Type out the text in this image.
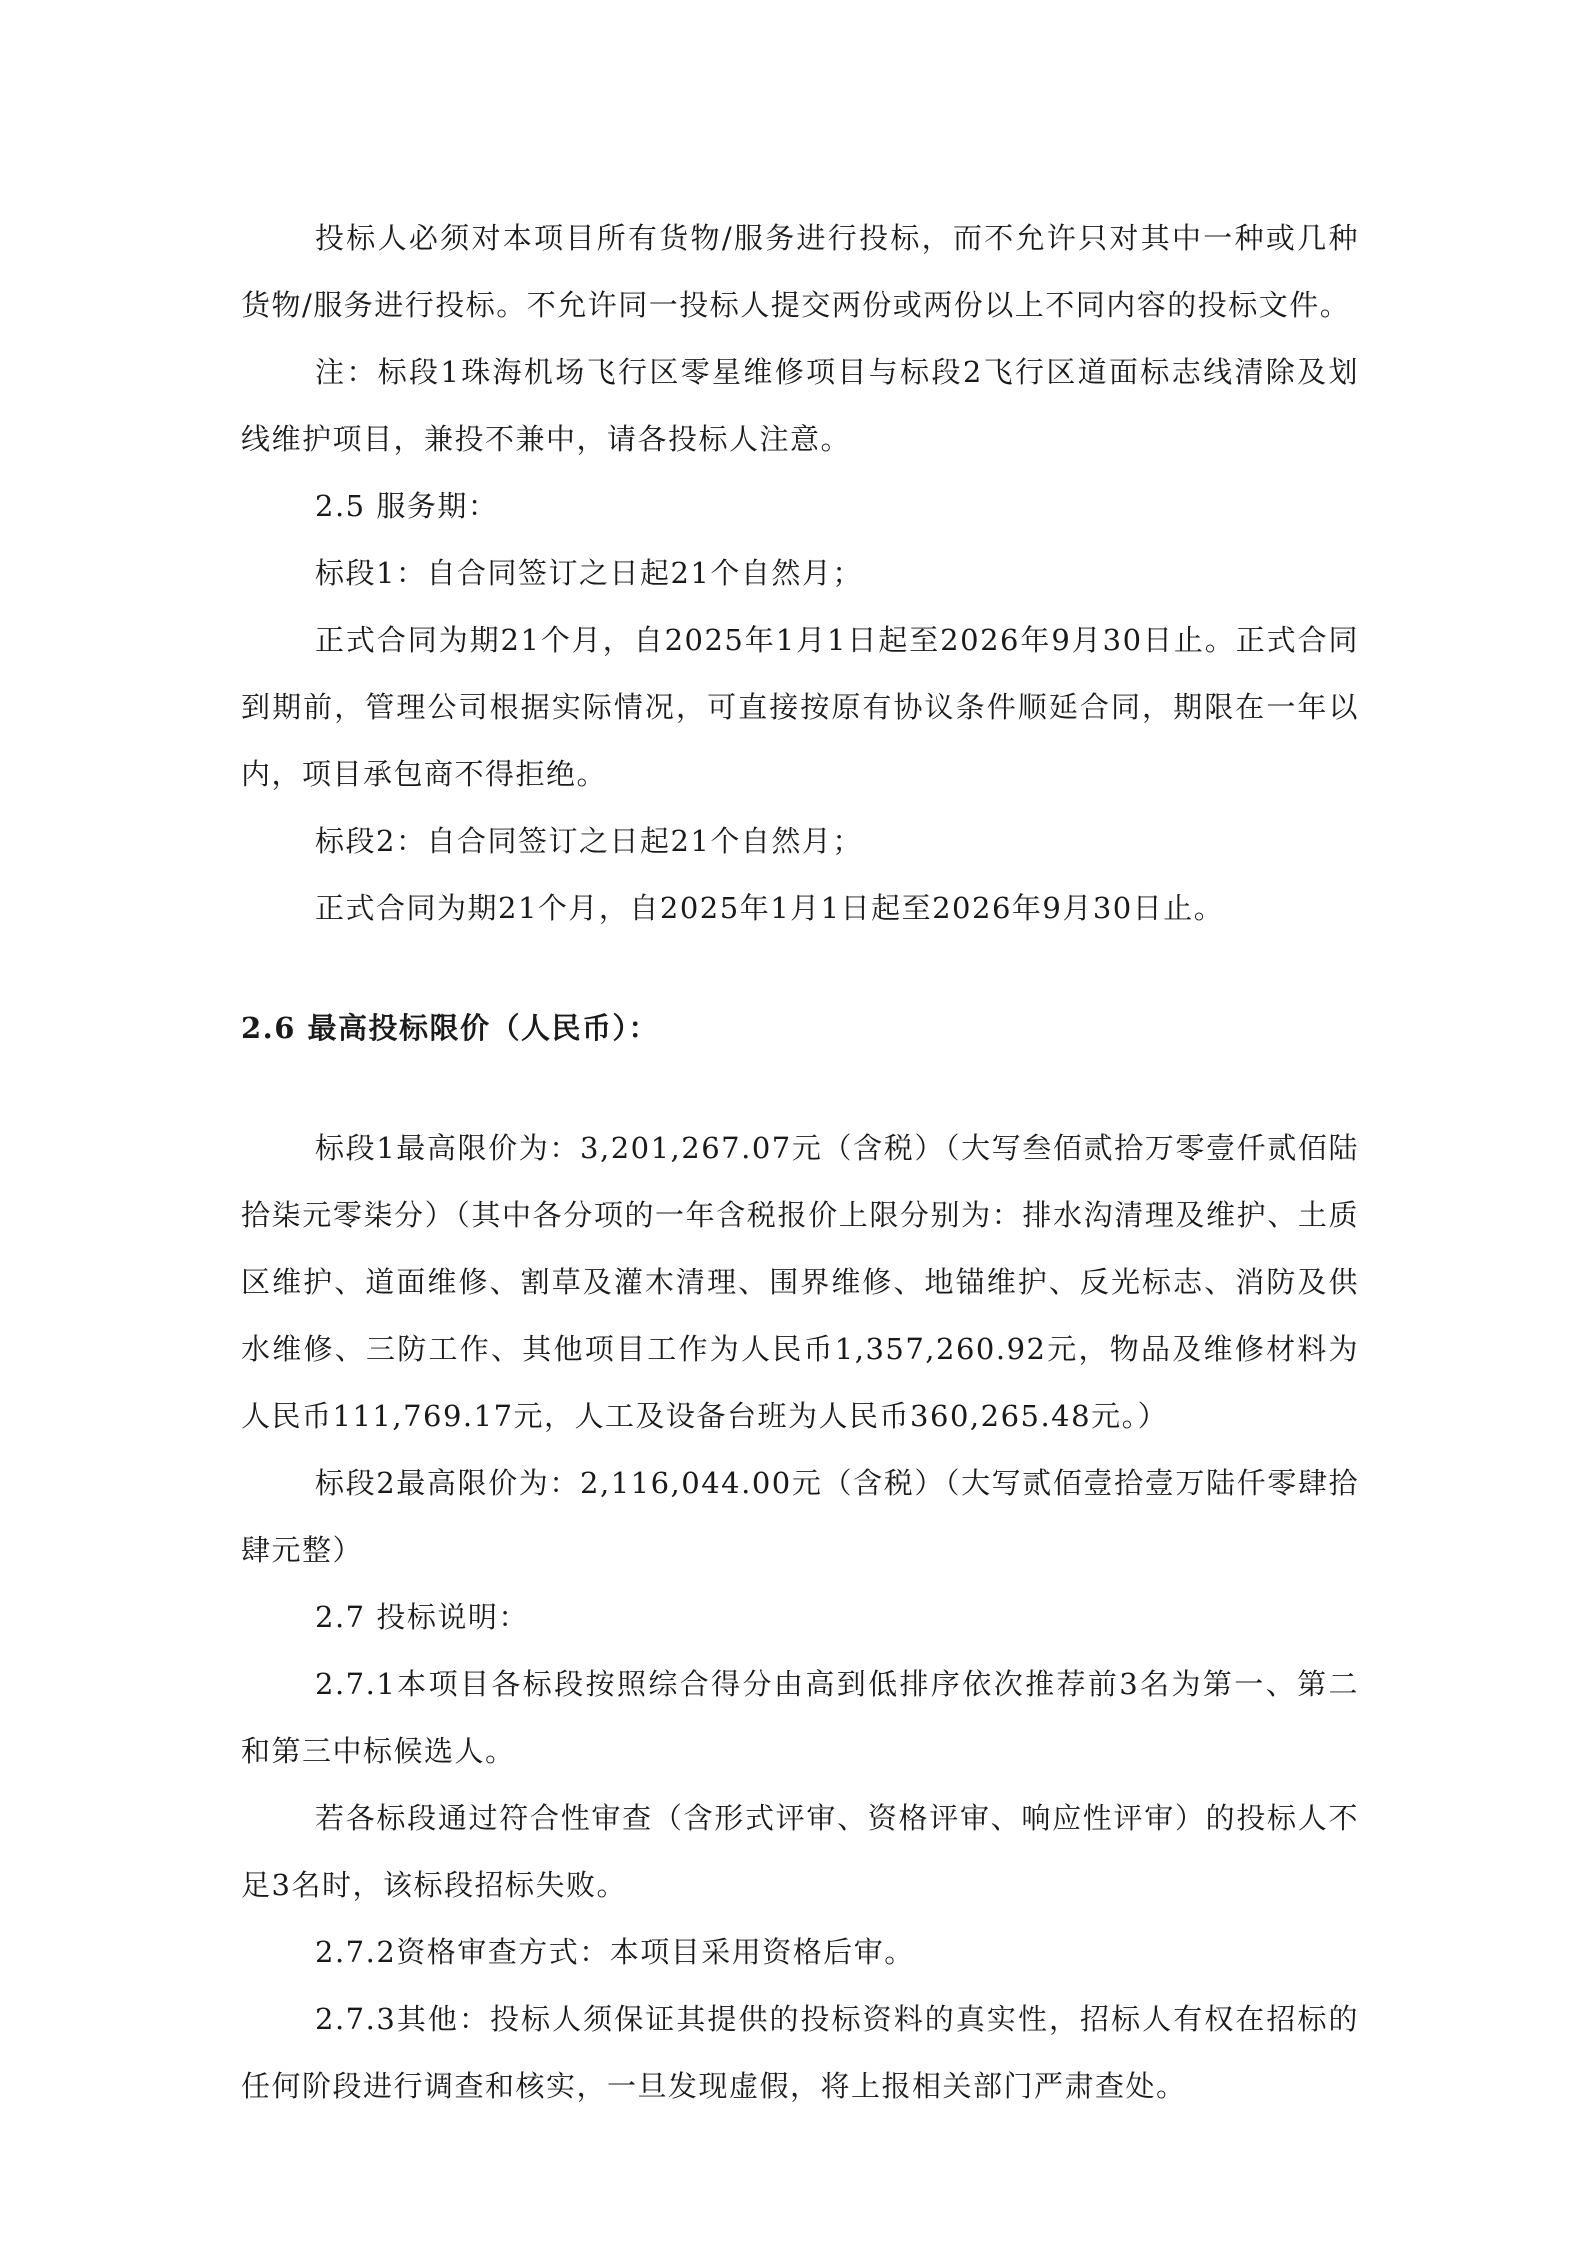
投标人必须对本项目所有货物/服务进行投标，而不允许只对其中一种或几种货物/服务进行投标。不允许同一投标人提交两份或两份以上不同内容的投标文件。

注：标段1珠海机场飞行区零星维修项目与标段2飞行区道面标志线清除及划线维护项目，兼投不兼中，请各投标人注意。

2.5 服务期：

标段1：自合同签订之日起21个自然月；

正式合同为期21个月，自2025年1月1日起至2026年9月30日止。正式合同到期前，管理公司根据实际情况，可直接按原有协议条件顺延合同，期限在一年以内，项目承包商不得拒绝。

标段2：自合同签订之日起21个自然月；

正式合同为期21个月，自2025年1月1日起至2026年9月30日止。

2.6 最高投标限价（人民币）：

标段1最高限价为：3,201,267.07元（含税）（大写叁佰贰拾万零壹仟贰佰陆拾柒元零柒分）（其中各分项的一年含税报价上限分别为：排水沟清理及维护、土质区维护、道面维修、割草及灌木清理、围界维修、地锚维护、反光标志、消防及供水维修、三防工作、其他项目工作为人民币1,357,260.92元，物品及维修材料为人民币111,769.17元，人工及设备台班为人民币360,265.48元。）

标段2最高限价为：2,116,044.00元（含税）（大写贰佰壹拾壹万陆仟零肆拾肆元整）

2.7 投标说明：

2.7.1本项目各标段按照综合得分由高到低排序依次推荐前3名为第一、第二和第三中标候选人。

若各标段通过符合性审查（含形式评审、资格评审、响应性评审）的投标人不足3名时，该标段招标失败。

2.7.2资格审查方式：本项目采用资格后审。

2.7.3其他：投标人须保证其提供的投标资料的真实性，招标人有权在招标的任何阶段进行调查和核实，一旦发现虚假，将上报相关部门严肃查处。
